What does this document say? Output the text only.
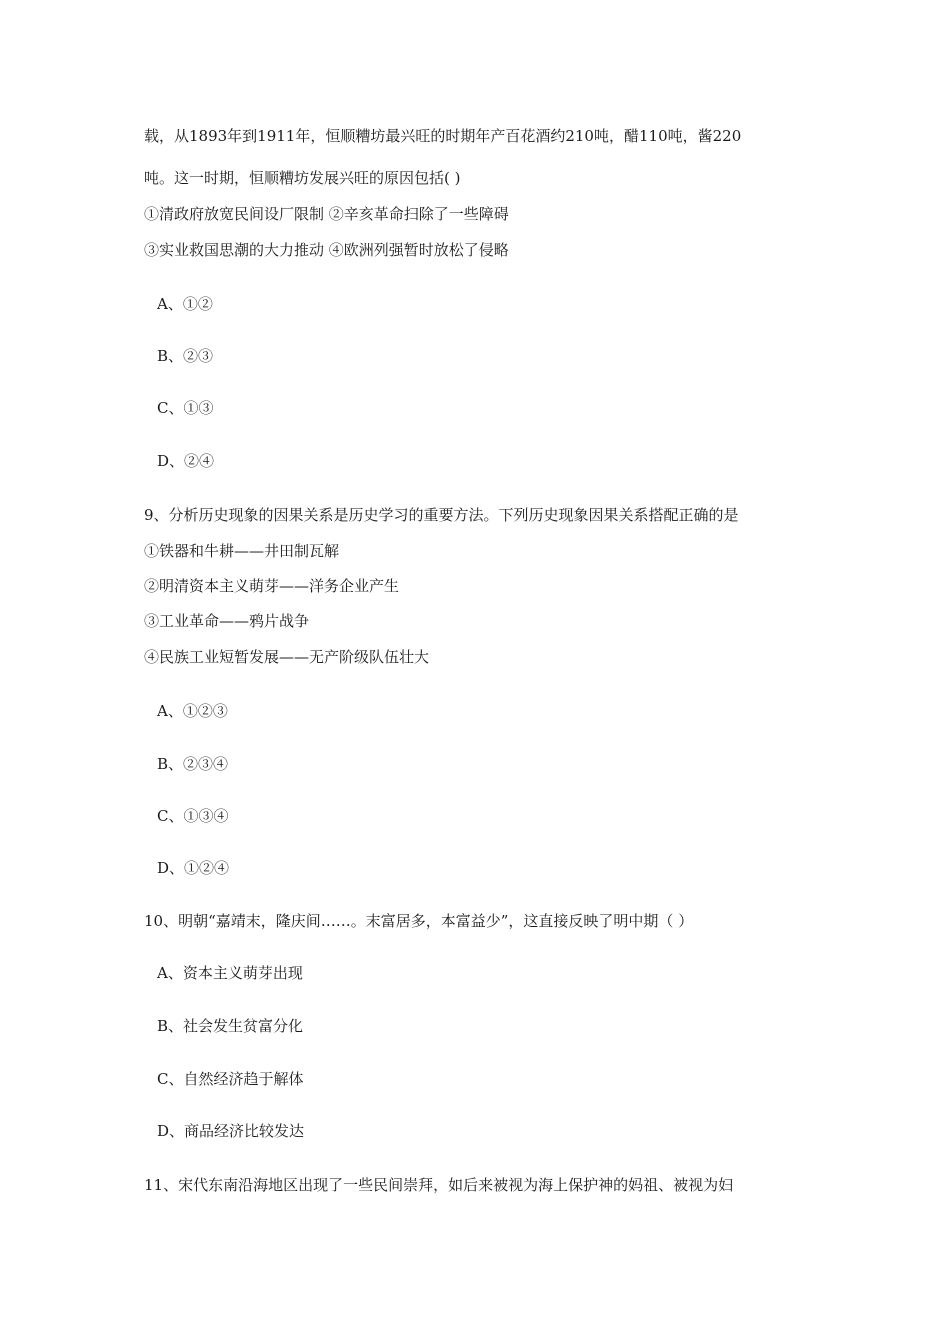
载，从1893年到1911年，恒顺糟坊最兴旺的时期年产百花酒约210吨，醋110吨，酱220
吨。这一时期，恒顺糟坊发展兴旺的原因包括( )
①清政府放宽民间设厂限制 ②辛亥革命扫除了一些障碍
③实业救国思潮的大力推动 ④欧洲列强暂时放松了侵略
A、①②
B、②③
C、①③
D、②④
9、分析历史现象的因果关系是历史学习的重要方法。下列历史现象因果关系搭配正确的是
①铁器和牛耕——井田制瓦解
②明清资本主义萌芽——洋务企业产生
③工业革命——鸦片战争
④民族工业短暂发展——无产阶级队伍壮大
A、①②③
B、②③④
C、①③④
D、①②④
10、明朝“嘉靖末，隆庆间……。末富居多，本富益少”，这直接反映了明中期（ ）
A、资本主义萌芽出现
B、社会发生贫富分化
C、自然经济趋于解体
D、商品经济比较发达
11、宋代东南沿海地区出现了一些民间崇拜，如后来被视为海上保护神的妈祖、被视为妇
